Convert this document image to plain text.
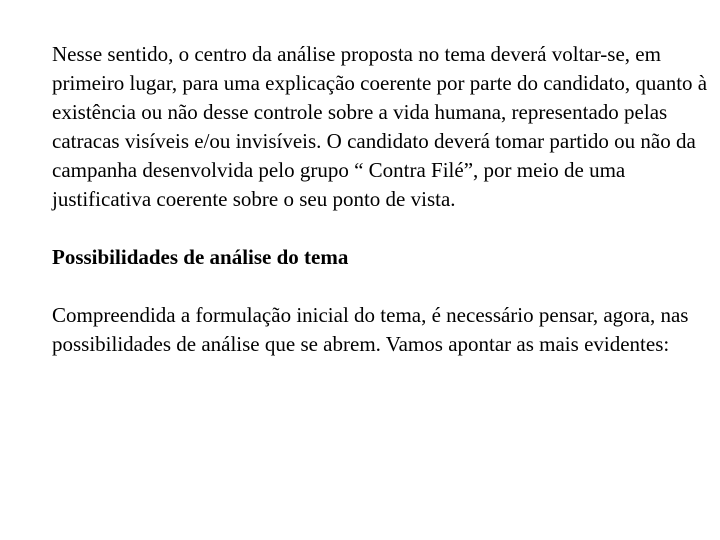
Nesse sentido, o centro da análise proposta no tema deverá voltar-se, em primeiro lugar, para uma explicação coerente por parte do candidato, quanto à existência ou não desse controle sobre a vida humana, representado pelas catracas visíveis e/ou invisíveis. O candidato deverá tomar partido ou não da campanha desenvolvida pelo grupo “ Contra Filé”, por meio de uma justificativa coerente sobre o seu ponto de vista.

Possibilidades de análise do tema

Compreendida a formulação inicial do tema, é necessário pensar, agora, nas possibilidades de análise que se abrem. Vamos apontar as mais evidentes:
